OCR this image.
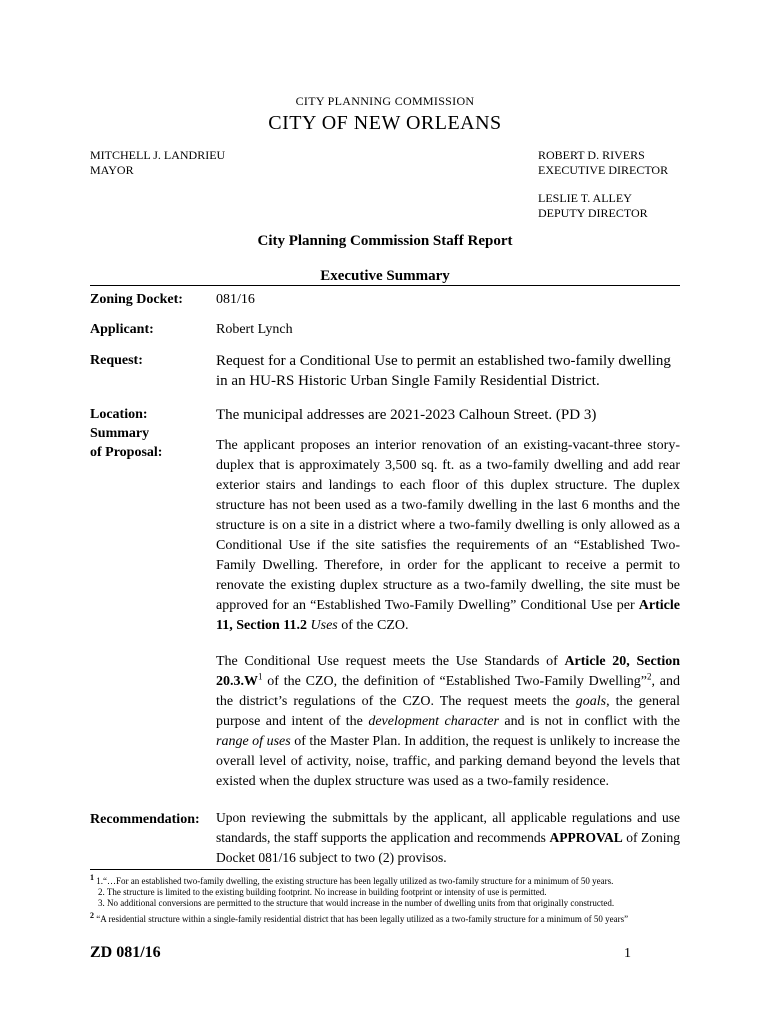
CITY PLANNING COMMISSION
CITY OF NEW ORLEANS
MITCHELL J. LANDRIEU
MAYOR
ROBERT D. RIVERS
EXECUTIVE DIRECTOR
LESLIE T. ALLEY
DEPUTY DIRECTOR
City Planning Commission Staff Report
Executive Summary
Zoning Docket: 081/16
Applicant:	Robert Lynch
Request:	Request for a Conditional Use to permit an established two-family dwelling in an HU-RS Historic Urban Single Family Residential District.
Location:	The municipal addresses are 2021-2023 Calhoun Street. (PD 3)
Summary
of Proposal:	The applicant proposes an interior renovation of an existing-vacant-three story-duplex that is approximately 3,500 sq. ft. as a two-family dwelling and add rear exterior stairs and landings to each floor of this duplex structure. The duplex structure has not been used as a two-family dwelling in the last 6 months and the structure is on a site in a district where a two-family dwelling is only allowed as a Conditional Use if the site satisfies the requirements of an “Established Two-Family Dwelling. Therefore, in order for the applicant to receive a permit to renovate the existing duplex structure as a two-family dwelling, the site must be approved for an “Established Two-Family Dwelling” Conditional Use per Article 11, Section 11.2 Uses of the CZO.
The Conditional Use request meets the Use Standards of Article 20, Section $20.3.W^1$ of the CZO, the definition of “Established Two-Family Dwelling”$^2$, and the district’s regulations of the CZO. The request meets the goals, the general purpose and intent of the development character and is not in conflict with the range of uses of the Master Plan. In addition, the request is unlikely to increase the overall level of activity, noise, traffic, and parking demand beyond the levels that existed when the duplex structure was used as a two-family residence.
Recommendation: Upon reviewing the submittals by the applicant, all applicable regulations and use standards, the staff supports the application and recommends APPROVAL of Zoning Docket 081/16 subject to two (2) provisos.
$^1$ 1.“…For an established two-family dwelling, the existing structure has been legally utilized as two-family structure for a minimum of 50 years.
2. The structure is limited to the existing building footprint. No increase in building footprint or intensity of use is permitted.
3. No additional conversions are permitted to the structure that would increase in the number of dwelling units from that originally constructed.
$^2$ “A residential structure within a single-family residential district that has been legally utilized as a two-family structure for a minimum of 50 years”
ZD 081/16	1
